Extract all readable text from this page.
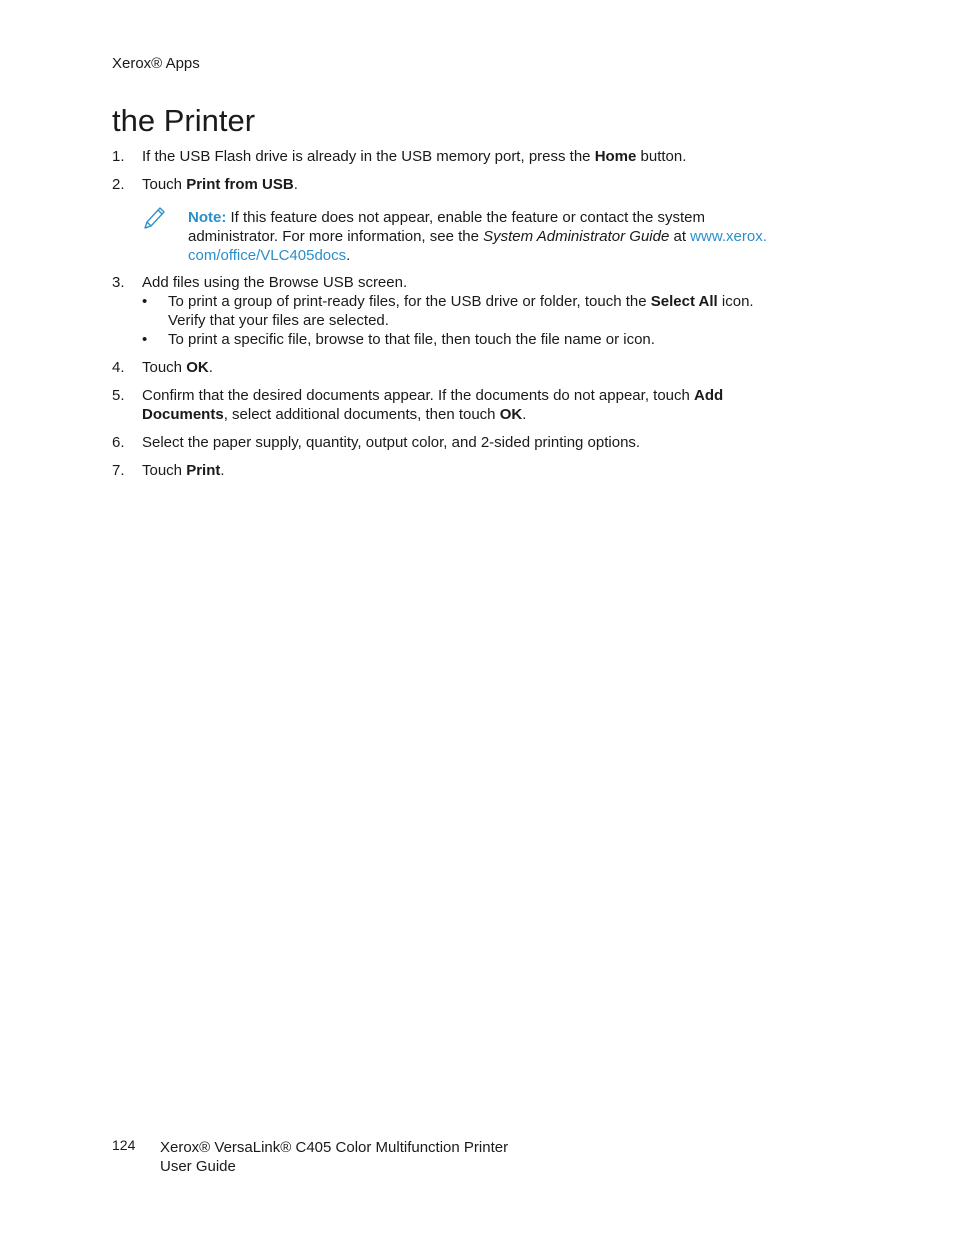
Xerox® Apps
the Printer
1.	If the USB Flash drive is already in the USB memory port, press the Home button.
2.	Touch Print from USB.
Note: If this feature does not appear, enable the feature or contact the system
administrator. For more information, see the System Administrator Guide at www.xerox.
com/office/VLC405docs.
3.	Add files using the Browse USB screen.
• To print a group of print-ready files, for the USB drive or folder, touch the Select All icon.
Verify that your files are selected.
• To print a specific file, browse to that file, then touch the file name or icon.
4.	Touch OK.
5.	Confirm that the desired documents appear. If the documents do not appear, touch Add
Documents, select additional documents, then touch OK.
6.	Select the paper supply, quantity, output color, and 2-sided printing options.
7.	Touch Print.
124 Xerox® VersaLink® C405 Color Multifunction Printer
User Guide
